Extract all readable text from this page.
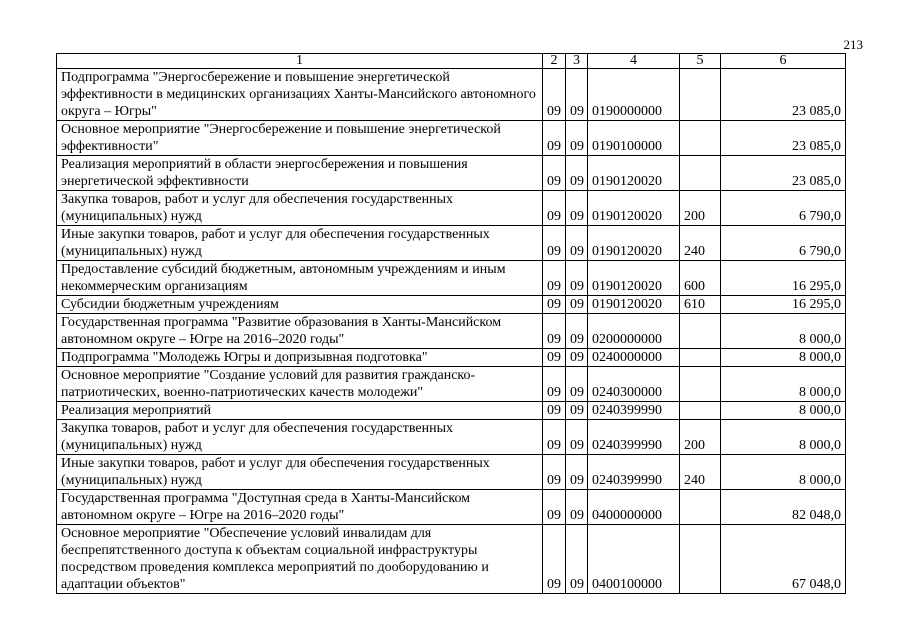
213
1	2	3	4	5	6
Подпрограмма "Энергосбережение и повышение энергетической эффективности в медицинских организациях Ханты-Мансийского автономного округа – Югры"	09	09	0190000000		23 085,0
Основное мероприятие "Энергосбережение и повышение энергетической эффективности"	09	09	0190100000		23 085,0
Реализация мероприятий в области энергосбережения и повышения энергетической эффективности	09	09	0190120020		23 085,0
Закупка товаров, работ и услуг для обеспечения государственных (муниципальных) нужд	09	09	0190120020	200	6 790,0
Иные закупки товаров, работ и услуг для обеспечения государственных (муниципальных) нужд	09	09	0190120020	240	6 790,0
Предоставление субсидий бюджетным, автономным учреждениям и иным некоммерческим организациям	09	09	0190120020	600	16 295,0
Субсидии бюджетным учреждениям	09	09	0190120020	610	16 295,0
Государственная программа "Развитие образования в Ханты-Мансийском автономном округе – Югре на 2016–2020 годы"	09	09	0200000000		8 000,0
Подпрограмма "Молодежь Югры и допризывная подготовка"	09	09	0240000000		8 000,0
Основное мероприятие "Создание условий для развития гражданско-патриотических, военно-патриотических качеств молодежи"	09	09	0240300000		8 000,0
Реализация мероприятий	09	09	0240399990		8 000,0
Закупка товаров, работ и услуг для обеспечения государственных (муниципальных) нужд	09	09	0240399990	200	8 000,0
Иные закупки товаров, работ и услуг для обеспечения государственных (муниципальных) нужд	09	09	0240399990	240	8 000,0
Государственная программа "Доступная среда в Ханты-Мансийском автономном округе – Югре на 2016–2020 годы"	09	09	0400000000		82 048,0
Основное мероприятие "Обеспечение условий инвалидам для беспрепятственного доступа к объектам социальной инфраструктуры посредством проведения комплекса мероприятий по дооборудованию и адаптации объектов"	09	09	0400100000		67 048,0
